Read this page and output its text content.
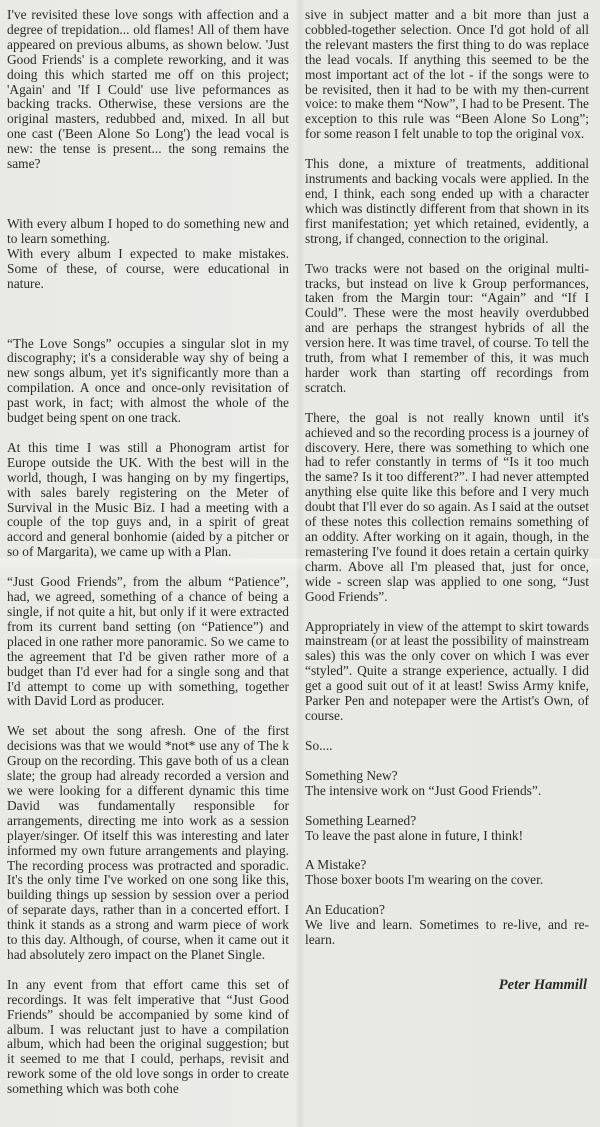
I've revisited these love songs with affection and a degree of trepidation... old flames! All of them have appeared on previous albums, as shown below. 'Just Good Friends' is a complete reworking, and it was doing this which started me off on this project; 'Again' and 'If I Could' use live peformances as backing tracks. Otherwise, these versions are the original masters, redubbed and, mixed. In all but one cast ('Been Alone So Long') the lead vocal is new: the tense is present... the song remains the same?

With every album I hoped to do something new and to learn something.

With every album I expected to make mistakes. Some of these, of course, were educational in nature.

“The Love Songs” occupies a singular slot in my discography; it's a considerable way shy of being a new songs album, yet it's significantly more than a compilation. A once and once-only revisitation of past work, in fact; with almost the whole of the budget being spent on one track.

At this time I was still a Phonogram artist for Europe outside the UK. With the best will in the world, though, I was hanging on by my fingertips, with sales barely registering on the Meter of Survival in the Music Biz. I had a meeting with a couple of the top guys and, in a spirit of great accord and general bonhomie (aided by a pitcher or so of Margarita), we came up with a Plan.

“Just Good Friends”, from the album “Patience”, had, we agreed, something of a chance of being a single, if not quite a hit, but only if it were extracted from its current band setting (on “Patience”) and placed in one rather more panoramic. So we came to the agreement that I'd be given rather more of a budget than I'd ever had for a single song and that I'd attempt to come up with something, together with David Lord as producer.

We set about the song afresh. One of the first decisions was that we would *not* use any of The k Group on the recording. This gave both of us a clean slate; the group had already recorded a version and we were looking for a different dynamic this time David was fundamentally responsible for arrangements, directing me into work as a session player/singer. Of itself this was interesting and later informed my own future arrangements and playing. The recording process was protracted and sporadic. It's the only time I've worked on one song like this, building things up session by session over a period of separate days, rather than in a concerted effort. I think it stands as a strong and warm piece of work to this day. Although, of course, when it came out it had absolutely zero impact on the Planet Single.

In any event from that effort came this set of recordings. It was felt imperative that “Just Good Friends” should be accompanied by some kind of album. I was reluctant just to have a compilation album, which had been the original suggestion; but it seemed to me that I could, perhaps, revisit and rework some of the old love songs in order to create something which was both cohe

sive in subject matter and a bit more than just a cobbled-together selection. Once I'd got hold of all the relevant masters the first thing to do was replace the lead vocals. If anything this seemed to be the most important act of the lot - if the songs were to be revisited, then it had to be with my then-current voice: to make them “Now”, I had to be Present. The exception to this rule was “Been Alone So Long”; for some reason I felt unable to top the original vox.

This done, a mixture of treatments, additional instruments and backing vocals were applied. In the end, I think, each song ended up with a character which was distinctly different from that shown in its first manifestation; yet which retained, evidently, a strong, if changed, connection to the original.

Two tracks were not based on the original multitracks, but instead on live k Group performances, taken from the Margin tour: “Again” and “If I Could”. These were the most heavily overdubbed and are perhaps the strangest hybrids of all the version here. It was time travel, of course. To tell the truth, from what I remember of this, it was much harder work than starting off recordings from scratch.

There, the goal is not really known until it's achieved and so the recording process is a journey of discovery. Here, there was something to which one had to refer constantly in terms of “Is it too much the same? Is it too different?”. I had never attempted anything else quite like this before and I very much doubt that I'll ever do so again. As I said at the outset of these notes this collection remains something of an oddity. After working on it again, though, in the remastering I've found it does retain a certain quirky charm. Above all I'm pleased that, just for once, wide - screen slap was applied to one song, “Just Good Friends”.

Appropriately in view of the attempt to skirt towards mainstream (or at least the possibility of mainstream sales) this was the only cover on which I was ever “styled”. Quite a strange experience, actually. I did get a good suit out of it at least! Swiss Army knife, Parker Pen and notepaper were the Artist's Own, of course.

So....

Something New?
The intensive work on “Just Good Friends”.
Something Learned?
To leave the past alone in future, I think!
A Mistake?
Those boxer boots I'm wearing on the cover.
An Education?
We live and learn. Sometimes to re-live, and re-learn.
Peter Hammill
